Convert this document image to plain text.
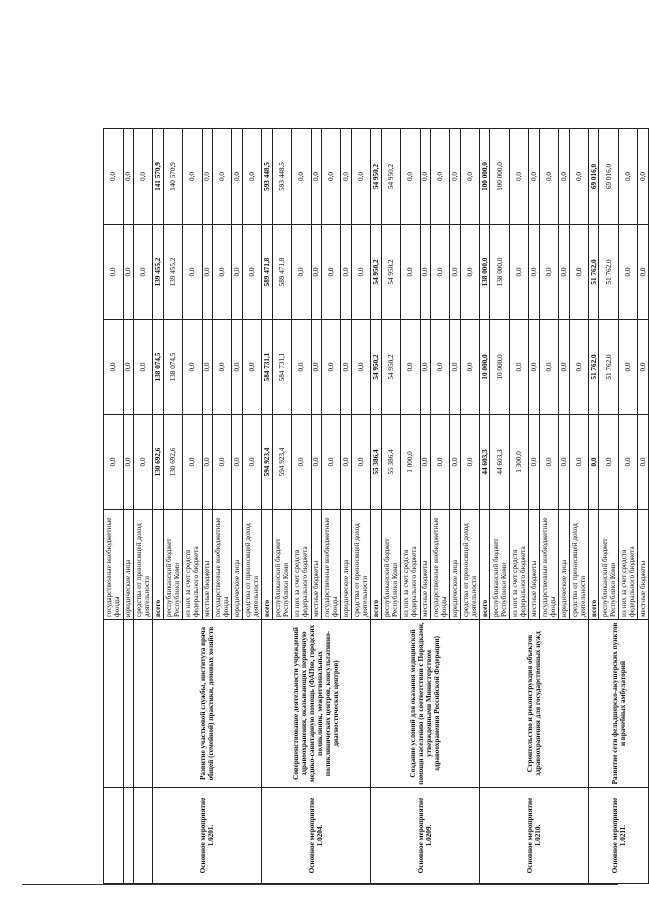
		государственные внебюджетные фонды	0,0	0,0	0,0	0,0
		юридические лица	0,0	0,0	0,0	0,0
		средства от приносящей доход деятельности	0,0	0,0	0,0	0,0
Основное мероприятие 1.0201.	Развитие участковой службы, института врача общей (семейной) практики, домовых хозяйств	всего	130 692,6	138 074,5	139 455,2	141 570,9
		республиканский бюджет Республики Коми	130 692,6	138 074,5	139 455,2	140 570,9
		из них за счет средств федерального бюджета	0,0	0,0	0,0	0,0
		местные бюджеты	0,0	0,0	0,0	0,0
		государственные внебюджетные фонды	0,0	0,0	0,0	0,0
		юридические лица	0,0	0,0	0,0	0,0
		средства от приносящей доход деятельности	0,0	0,0	0,0	0,0
Основное мероприятие 1.0204.	Совершенствование деятельности учреждений здравоохранения, оказывающих первичную медико-санитарную помощь (ФАПов, городских поликлиник, межрегиональных поликлинических центров, консультативно-диагностических центров)	всего	594 923,4	584 731,1	589 471,8	593 448,5
		республиканский бюджет Республики Коми	594 923,4	584 731,1	589 471,8	593 448,5
		из них за счет средств федерального бюджета	0,0	0,0	0,0	0,0
		местные бюджеты	0,0	0,0	0,0	0,0
		государственные внебюджетные фонды	0,0	0,0	0,0	0,0
		юридические лица	0,0	0,0	0,0	0,0
		средства от приносящей доход деятельности	0,0	0,0	0,0	0,0
Основное мероприятие 1.0209.	Создание условий для оказания медицинской помощи населению (в соответствии с Порядками, утвержденными Министерством здравоохранения Российской Федерации)	всего	55 386,4	54 950,2	54 950,2	54 950,2
		республиканский бюджет Республики Коми	55 386,4	54 950,2	54 950,2	54 950,2
		из них за счет средств федерального бюджета	1 000,0	0,0	0,0	0,0
		местные бюджеты	0,0	0,0	0,0	0,0
		государственные внебюджетные фонды	0,0	0,0	0,0	0,0
		юридические лица	0,0	0,0	0,0	0,0
		средства от приносящей доход деятельности	0,0	0,0	0,0	0,0
Основное мероприятие 1.0210.	Строительство и реконструкция объектов здравоохранения для государственных нужд	всего	44 603,3	10 000,0	138 000,0	100 000,0
		республиканский бюджет Республики Коми	44 603,3	10 000,0	138 000,0	100 000,0
		из них за счет средств федерального бюджета	1 300,0	0,0	0,0	0,0
		местные бюджеты	0,0	0,0	0,0	0,0
		государственные внебюджетные фонды	0,0	0,0	0,0	0,0
		юридические лица	0,0	0,0	0,0	0,0
		средства от приносящей доход деятельности	0,0	0,0	0,0	0,0
Основное мероприятие 1.0211.	Развитие сети фельдшерско-акушерских пунктов и врачебных амбулаторий	всего	0,0	51 762,0	51 762,0	69 016,0
		республиканский бюджет Республики Коми	0,0	51 762,0	51 762,0	69 016,0
		из них за счет средств федерального бюджета	0,0	0,0	0,0	0,0
		местные бюджеты	0,0	0,0	0,0	0,0
